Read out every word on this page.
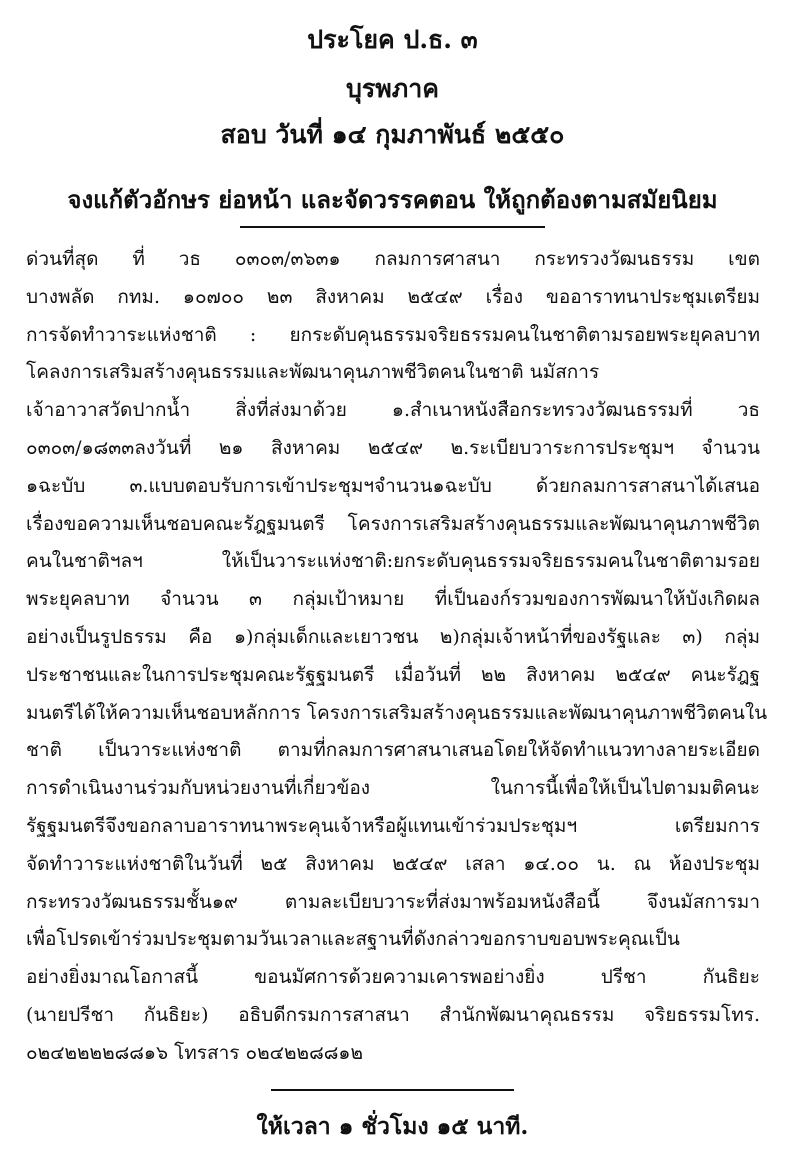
ประโยค ป.ธ. ๓
บุรพภาค
สอบ วันที่ ๑๔ กุมภาพันธ์ ๒๕๕๐
จงแก้ตัวอักษร ย่อหน้า และจัดวรรคตอน ให้ถูกต้องตามสมัยนิยม
ด่วนที่สุด ที่ วธ ๐๓๐๓/๓๖๓๑ กลมการศาสนา กระทรวงวัฒนธรรม เขต
บางพลัด กทม. ๑๐๗๐๐ ๒๓ สิงหาคม ๒๕๔๙ เรื่อง ขออาราทนาประชุมเตรียม
การจัดทำวาระแห่งชาติ : ยกระดับคุนธรรมจริยธรรมคนในชาติตามรอยพระยุคลบาท
โคลงการเสริมสร้างคุนธรรมและพัฒนาคุนภาพชีวิตคนในชาติ นมัสการ
เจ้าอาวาสวัดปากน้ำ สิ่งที่ส่งมาด้วย ๑.สำเนาหนังสือกระทรวงวัฒนธรรมที่ วธ
๐๓๐๓/๑๘๓๓ลงวันที่ ๒๑ สิงหาคม ๒๕๔๙ ๒.ระเบียบวาระการประชุมฯ จำนวน
๑ฉะบับ ๓.แบบตอบรับการเข้าประชุมฯจำนวน๑ฉะบับ ด้วยกลมการสาสนาได้เสนอ
เรื่องขอความเห็นชอบคณะรัฎฐมนตรี โครงการเสริมสร้างคุนธรรมและพัฒนาคุนภาพชีวิต
คนในชาติฯลฯ ให้เป็นวาระแห่งชาติ:ยกระดับคุนธรรมจริยธรรมคนในชาติตามรอย
พระยุคลบาท จำนวน ๓ กลุ่มเป้าหมาย ที่เป็นองก์รวมของการพัฒนาให้บังเกิดผล
อย่างเป็นรูปธรรม คือ ๑)กลุ่มเด็กและเยาวชน ๒)กลุ่มเจ้าหน้าที่ของรัฐและ ๓) กลุ่ม
ประชาชนและในการประชุมคณะรัฐฐมนตรี เมื่อวันที่ ๒๒ สิงหาคม ๒๕๔๙ คนะรัฎฐ
มนตรีได้ให้ความเห็นชอบหลักการ โครงการเสริมสร้างคุนธรรมและพัฒนาคุนภาพชีวิตคนใน
ชาติ เป็นวาระแห่งชาติ ตามที่กลมการศาสนาเสนอโดยให้จัดทำแนวทางลายระเอียด
การดำเนินงานร่วมกับหน่วยงานที่เกี่ยวข้อง ในการนี้เพื่อให้เป็นไปตามมติคนะ
รัฐฐมนตรีจึงขอกลาบอาราทนาพระคุนเจ้าหรือผู้แทนเข้าร่วมประชุมฯ เตรียมการ
จัดทำวาระแห่งชาติในวันที่ ๒๕ สิงหาคม ๒๕๔๙ เสลา ๑๔.๐๐ น. ณ ห้องประชุม
กระทรวงวัฒนธรรมชั้น๑๙ ตามละเบียบวาระที่ส่งมาพร้อมหนังสือนี้ จึงนมัสการมา
เพื่อโปรดเข้าร่วมประชุมตามวันเวลาและสฐานที่ดังกล่าวขอกราบขอบพระคุณเป็น
อย่างยิ่งมาณโอกาสนี้ ขอนมัศการด้วยความเคารพอย่างยิ่ง ปรีชา กันธิยะ
(นายปรีชา กันธิยะ) อธิบดีกรมการสาสนา สำนักพัฒนาคุณธรรม จริยธรรมโทร.
๐๒๔๒๒๒๒๘๘๑๖ โทรสาร ๐๒๔๒๒๘๘๑๒
ให้เวลา ๑ ชั่วโมง ๑๕ นาที.
